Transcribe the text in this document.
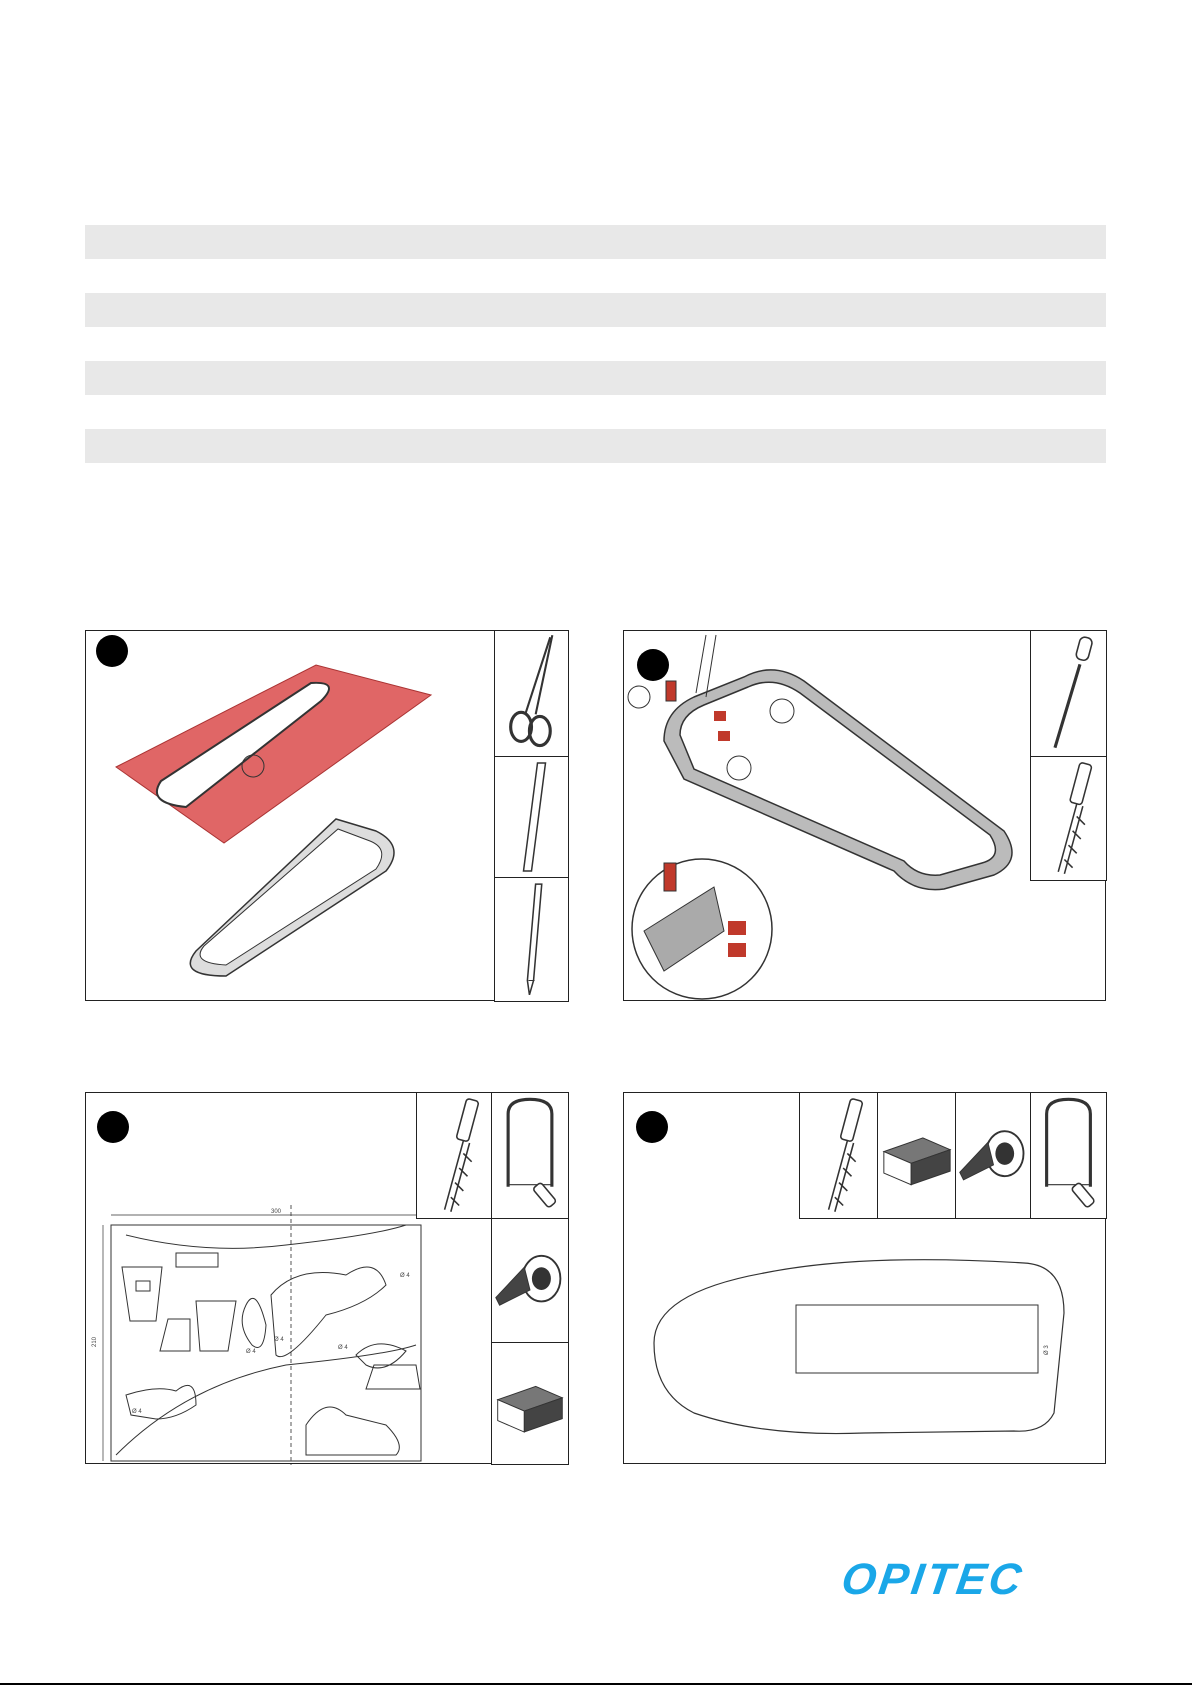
300
210
Ø 4
Ø 4
Ø 4
Ø 4
Ø 4
Ø 3
OPITEC
